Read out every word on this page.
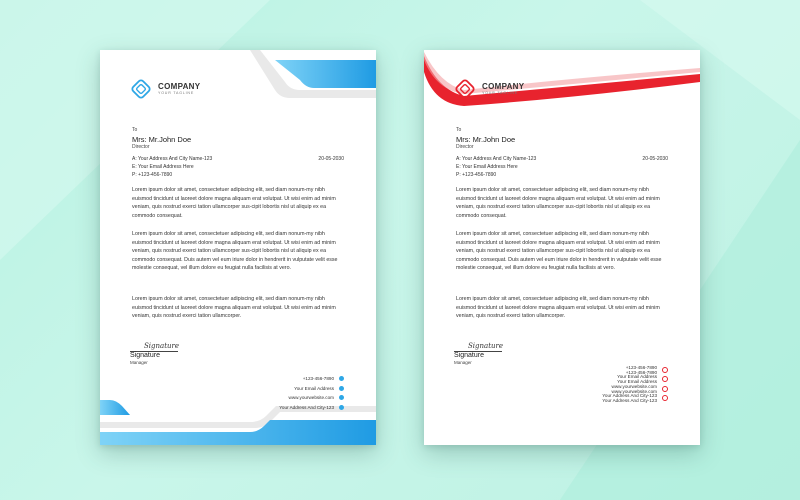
COMPANY
YOUR TAGLINE
To
Mrs: Mr.John Doe
Director
A: Your Address And City Name-123
E: Your Email Address Here
P: +123-456-7890
20-05-2030
Lorem ipsum dolor sit amet, consectetuer adipiscing elit, sed diam nonum-my nibh euismod tincidunt ut laoreet dolore magna aliquam erat volutpat. Ut wisi enim ad minim veniam, quis nostrud exerci tation ullamcorper sus-cipit lobortis nisl ut aliquip ex ea commodo consequat.
Lorem ipsum dolor sit amet, consectetuer adipiscing elit, sed diam nonum-my nibh euismod tincidunt ut laoreet dolore magna aliquam erat volutpat. Ut wisi enim ad minim veniam, quis nostrud exerci tation ullamcorper sus-cipit lobortis nisl ut aliquip ex ea commodo consequat. Duis autem vel eum iriure dolor in hendrerit in vulputate velit esse molestie consequat, vel illum dolore eu feugiat nulla facilisis at vero.
Lorem ipsum dolor sit amet, consectetuer adipiscing elit, sed diam nonum-my nibh euismod tincidunt ut laoreet dolore magna aliquam erat volutpat. Ut wisi enim ad minim veniam, quis nostrud exerci tation ullamcorper.
Signature
Signature
Manager
+123-456-7890
Your Email Address
www.yourwebsite.com
Your Address And City-123
COMPANY
YOUR TAGLINE
To
Mrs: Mr.John Doe
Director
A: Your Address And City Name-123
E: Your Email Address Here
P: +123-456-7890
20-05-2030
Lorem ipsum dolor sit amet, consectetuer adipiscing elit, sed diam nonum-my nibh euismod tincidunt ut laoreet dolore magna aliquam erat volutpat. Ut wisi enim ad minim veniam, quis nostrud exerci tation ullamcorper sus-cipit lobortis nisl ut aliquip ex ea commodo consequat.
Lorem ipsum dolor sit amet, consectetuer adipiscing elit, sed diam nonum-my nibh euismod tincidunt ut laoreet dolore magna aliquam erat volutpat. Ut wisi enim ad minim veniam, quis nostrud exerci tation ullamcorper sus-cipit lobortis nisl ut aliquip ex ea commodo consequat. Duis autem vel eum iriure dolor in hendrerit in vulputate velit esse molestie consequat, vel illum dolore eu feugiat nulla facilisis at vero.
Lorem ipsum dolor sit amet, consectetuer adipiscing elit, sed diam nonum-my nibh euismod tincidunt ut laoreet dolore magna aliquam erat volutpat. Ut wisi enim ad minim veniam, quis nostrud exerci tation ullamcorper.
Signature
Signature
Manager
+123-456-7890
+123-456-7890
Your Email Address
Your Email Address
www.yourwebsite.com
www.yourwebsite.com
Your Address And City-123
Your Address And City-123
